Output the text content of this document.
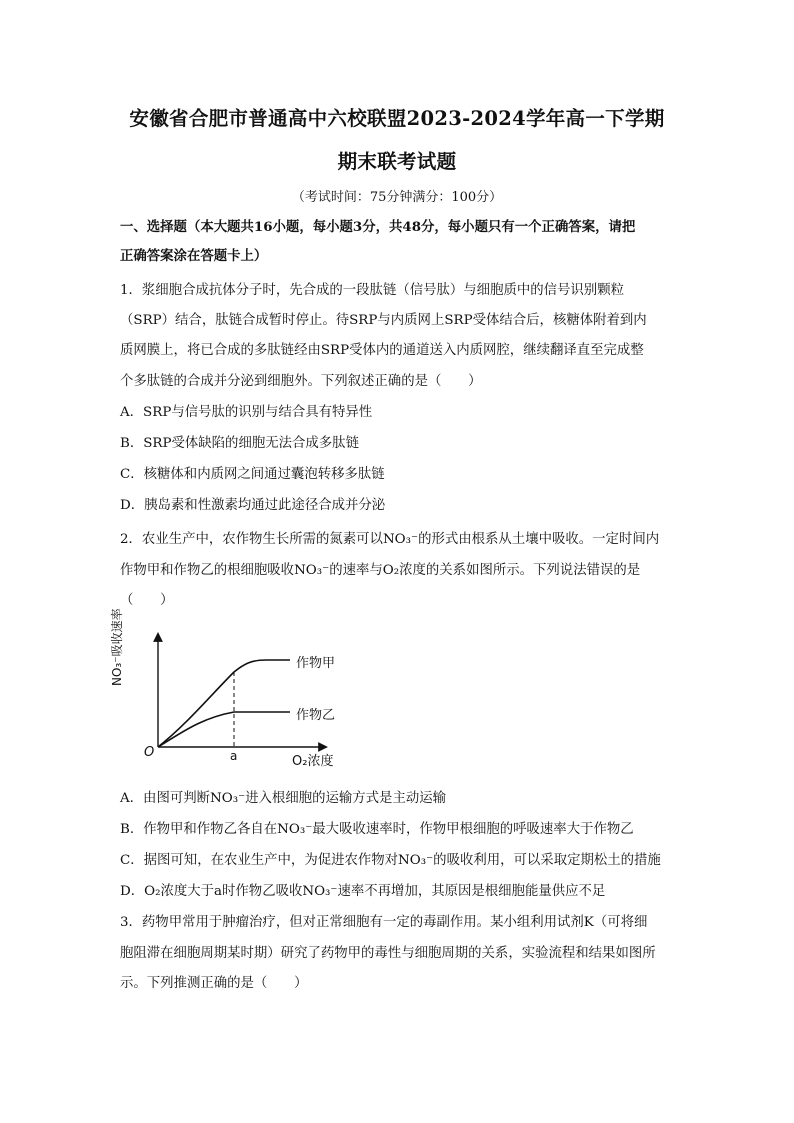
安徽省合肥市普通高中六校联盟2023-2024学年高一下学期
期末联考试题
（考试时间：75分钟满分：100分）
一、选择题（本大题共16小题，每小题3分，共48分，每小题只有一个正确答案，请把
正确答案涂在答题卡上）
1．浆细胞合成抗体分子时，先合成的一段肽链（信号肽）与细胞质中的信号识别颗粒
（SRP）结合，肽链合成暂时停止。待SRP与内质网上SRP受体结合后，核糖体附着到内
质网膜上，将已合成的多肽链经由SRP受体内的通道送入内质网腔，继续翻译直至完成整
个多肽链的合成并分泌到细胞外。下列叙述正确的是（　　）
A．SRP与信号肽的识别与结合具有特异性
B．SRP受体缺陷的细胞无法合成多肽链
C．核糖体和内质网之间通过囊泡转移多肽链
D．胰岛素和性激素均通过此途径合成并分泌
2．农业生产中，农作物生长所需的氮素可以NO₃⁻的形式由根系从土壤中吸收。一定时间内
作物甲和作物乙的根细胞吸收NO₃⁻的速率与O₂浓度的关系如图所示。下列说法错误的是
（　　）
NO₃⁻吸收速率
O	a	O₂浓度
作物甲
作物乙
A．由图可判断NO₃⁻进入根细胞的运输方式是主动运输
B．作物甲和作物乙各自在NO₃⁻最大吸收速率时，作物甲根细胞的呼吸速率大于作物乙
C．据图可知，在农业生产中，为促进农作物对NO₃⁻的吸收利用，可以采取定期松土的措施
D．O₂浓度大于a时作物乙吸收NO₃⁻速率不再增加，其原因是根细胞能量供应不足
3．药物甲常用于肿瘤治疗，但对正常细胞有一定的毒副作用。某小组利用试剂K（可将细
胞阻滞在细胞周期某时期）研究了药物甲的毒性与细胞周期的关系，实验流程和结果如图所
示。下列推测正确的是（　　）
